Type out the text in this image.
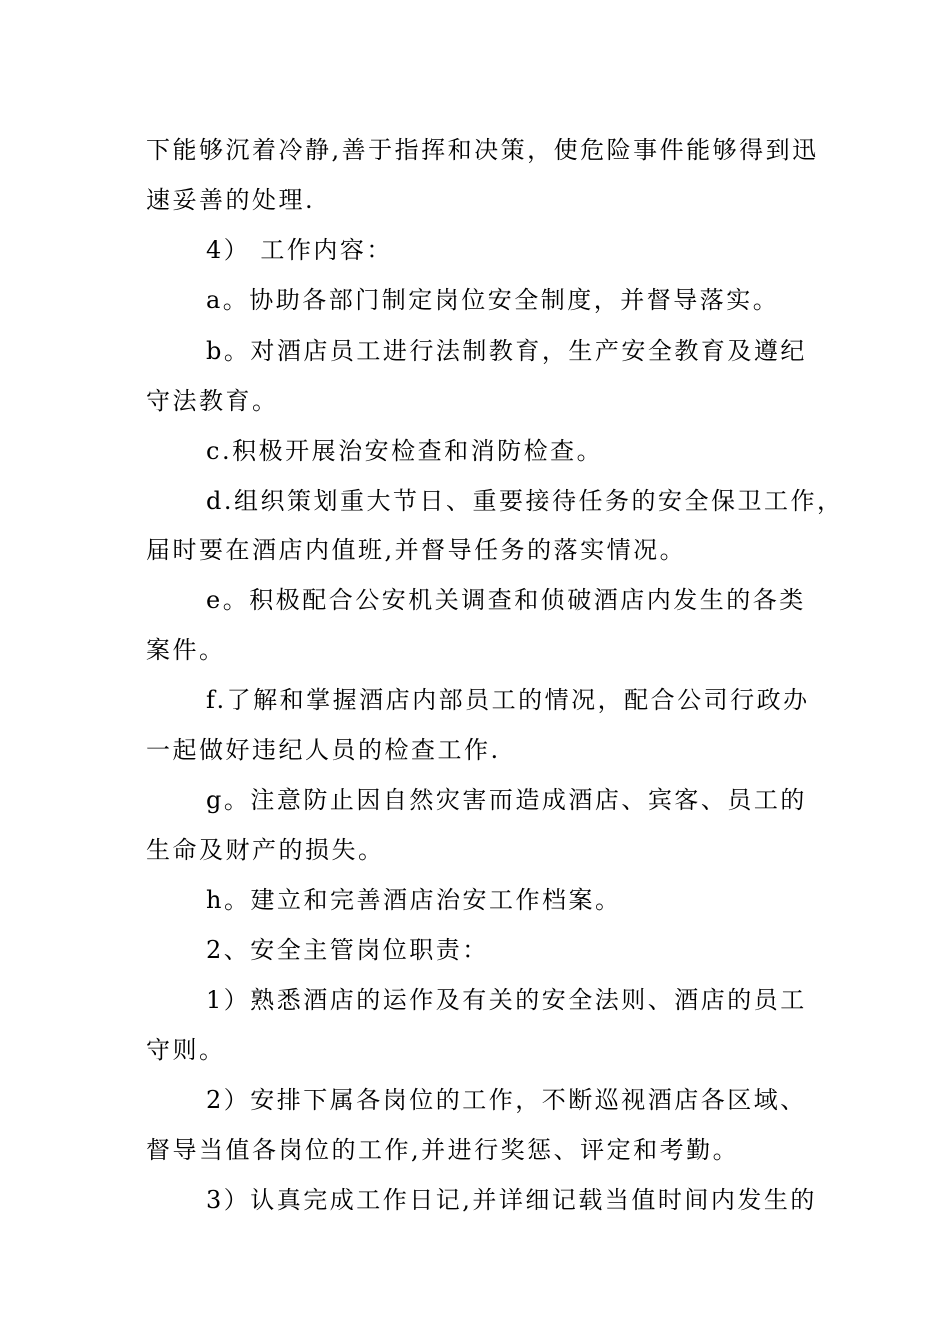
下能够沉着冷静,善于指挥和决策，使危险事件能够得到迅
速妥善的处理.
4） 工作内容：
a。协助各部门制定岗位安全制度，并督导落实。
b。对酒店员工进行法制教育，生产安全教育及遵纪
守法教育。
c.积极开展治安检查和消防检查。
d.组织策划重大节日、重要接待任务的安全保卫工作，
届时要在酒店内值班,并督导任务的落实情况。
e。积极配合公安机关调查和侦破酒店内发生的各类
案件。
f.了解和掌握酒店内部员工的情况，配合公司行政办
一起做好违纪人员的检查工作.
g。注意防止因自然灾害而造成酒店、宾客、员工的
生命及财产的损失。
h。建立和完善酒店治安工作档案。
2、安全主管岗位职责：
1）熟悉酒店的运作及有关的安全法则、酒店的员工
守则。
2）安排下属各岗位的工作，不断巡视酒店各区域、
督导当值各岗位的工作,并进行奖惩、评定和考勤。
3）认真完成工作日记,并详细记载当值时间内发生的
